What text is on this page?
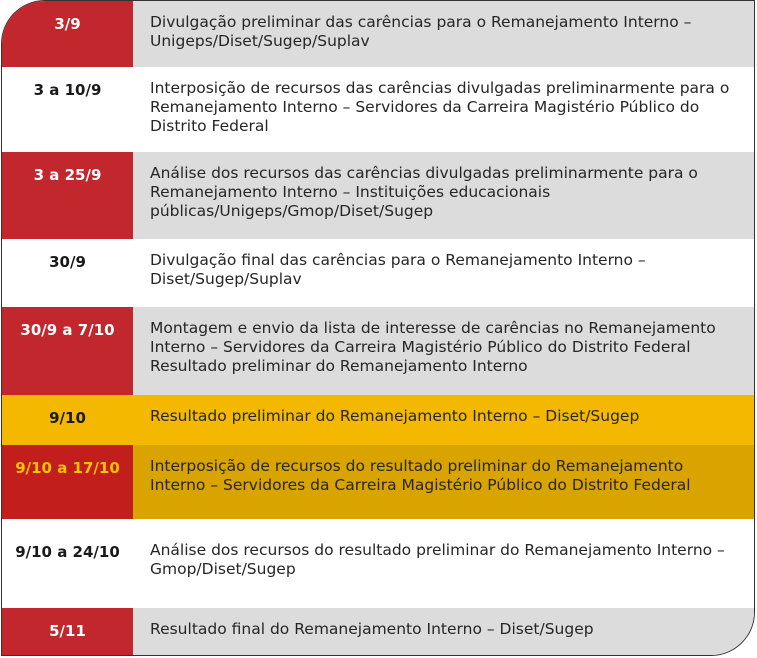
3/9	Divulgação preliminar das carências para o Remanejamento Interno – Unigeps/Diset/Sugep/Suplav
3 a 10/9	Interposição de recursos das carências divulgadas preliminarmente para o Remanejamento Interno – Servidores da Carreira Magistério Público do Distrito Federal
3 a 25/9	Análise dos recursos das carências divulgadas preliminarmente para o Remanejamento Interno – Instituições educacionais públicas/Unigeps/Gmop/Diset/Sugep
30/9	Divulgação final das carências para o Remanejamento Interno – Diset/Sugep/Suplav
30/9 a 7/10	Montagem e envio da lista de interesse de carências no Remanejamento Interno – Servidores da Carreira Magistério Público do Distrito Federal Resultado preliminar do Remanejamento Interno
9/10	Resultado preliminar do Remanejamento Interno – Diset/Sugep
9/10 a 17/10	Interposição de recursos do resultado preliminar do Remanejamento Interno – Servidores da Carreira Magistério Público do Distrito Federal
9/10 a 24/10	Análise dos recursos do resultado preliminar do Remanejamento Interno – Gmop/Diset/Sugep
5/11	Resultado final do Remanejamento Interno – Diset/Sugep
